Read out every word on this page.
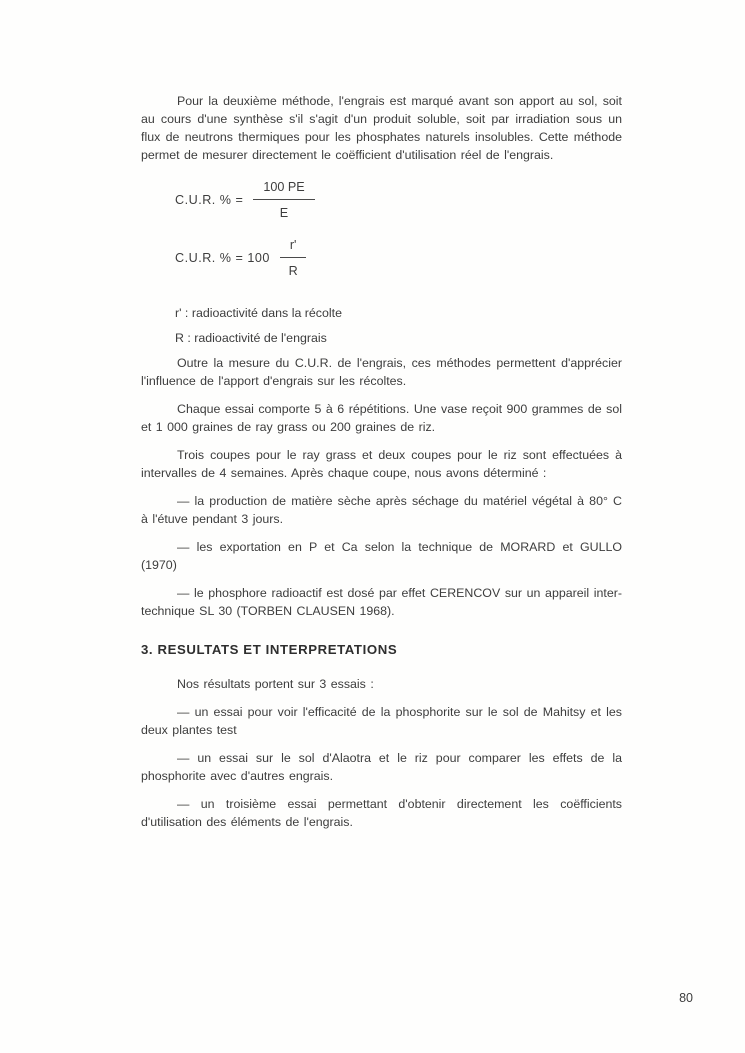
Pour la deuxième méthode, l'engrais est marqué avant son apport au sol, soit au cours d'une synthèse s'il s'agit d'un produit soluble, soit par irradiation sous un flux de neutrons thermiques pour les phosphates naturels insolubles. Cette méthode permet de mesurer directement le coëfficient d'utilisation réel de l'engrais.

C.U.R. % = $\frac{100 PE}{E}$
C.U.R. % = $100 \frac{r'}{R}$

r' : radioactivité dans la récolte

R : radioactivité de l'engrais

Outre la mesure du C.U.R. de l'engrais, ces méthodes permettent d'apprécier l'influence de l'apport d'engrais sur les récoltes.

Chaque essai comporte 5 à 6 répétitions. Une vase reçoit 900 grammes de sol et 1 000 graines de ray grass ou 200 graines de riz.

Trois coupes pour le ray grass et deux coupes pour le riz sont effectuées à intervalles de 4 semaines. Après chaque coupe, nous avons déterminé :

— la production de matière sèche après séchage du matériel végétal à 80° C à l'étuve pendant 3 jours.

— les exportation en P et Ca selon la technique de MORARD et GULLO (1970)

— le phosphore radioactif est dosé par effet CERENCOV sur un appareil inter-technique SL 30 (TORBEN CLAUSEN 1968).

3. RESULTATS ET INTERPRETATIONS

Nos résultats portent sur 3 essais :

— un essai pour voir l'efficacité de la phosphorite sur le sol de Mahitsy et les deux plantes test

— un essai sur le sol d'Alaotra et le riz pour comparer les effets de la phosphorite avec d'autres engrais.

— un troisième essai permettant d'obtenir directement les coëfficients d'utilisation des éléments de l'engrais.

80
